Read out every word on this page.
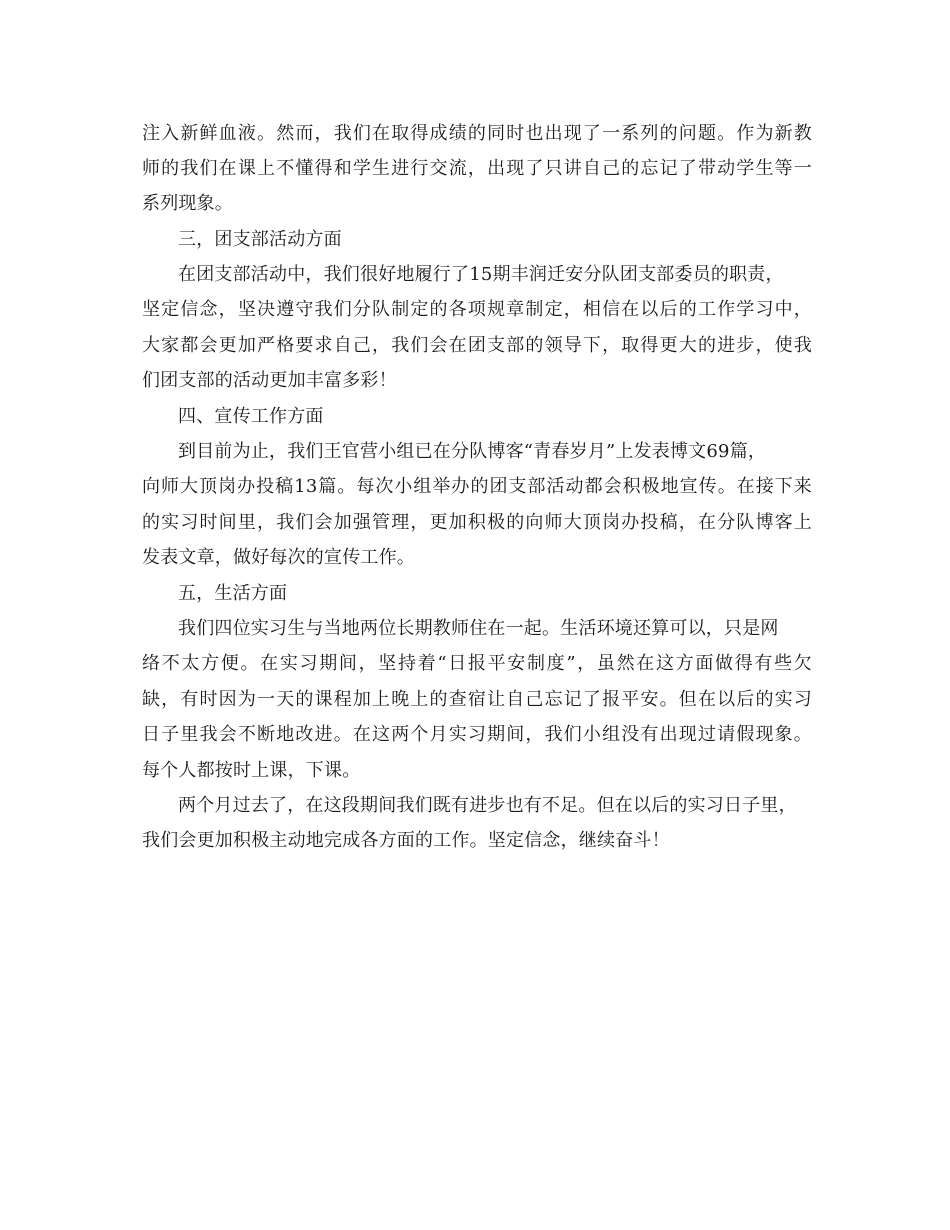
注入新鲜血液。然而，我们在取得成绩的同时也出现了一系列的问题。作为新教
师的我们在课上不懂得和学生进行交流，出现了只讲自己的忘记了带动学生等一
系列现象。
三，团支部活动方面
在团支部活动中，我们很好地履行了15期丰润迁安分队团支部委员的职责，
坚定信念，坚决遵守我们分队制定的各项规章制定，相信在以后的工作学习中，
大家都会更加严格要求自己，我们会在团支部的领导下，取得更大的进步，使我
们团支部的活动更加丰富多彩！
四、宣传工作方面
到目前为止，我们王官营小组已在分队博客“青春岁月”上发表博文69篇，
向师大顶岗办投稿13篇。每次小组举办的团支部活动都会积极地宣传。在接下来
的实习时间里，我们会加强管理，更加积极的向师大顶岗办投稿，在分队博客上
发表文章，做好每次的宣传工作。
五，生活方面
我们四位实习生与当地两位长期教师住在一起。生活环境还算可以，只是网
络不太方便。在实习期间，坚持着“日报平安制度”，虽然在这方面做得有些欠
缺，有时因为一天的课程加上晚上的查宿让自己忘记了报平安。但在以后的实习
日子里我会不断地改进。在这两个月实习期间，我们小组没有出现过请假现象。
每个人都按时上课，下课。
两个月过去了，在这段期间我们既有进步也有不足。但在以后的实习日子里，
我们会更加积极主动地完成各方面的工作。坚定信念，继续奋斗！
